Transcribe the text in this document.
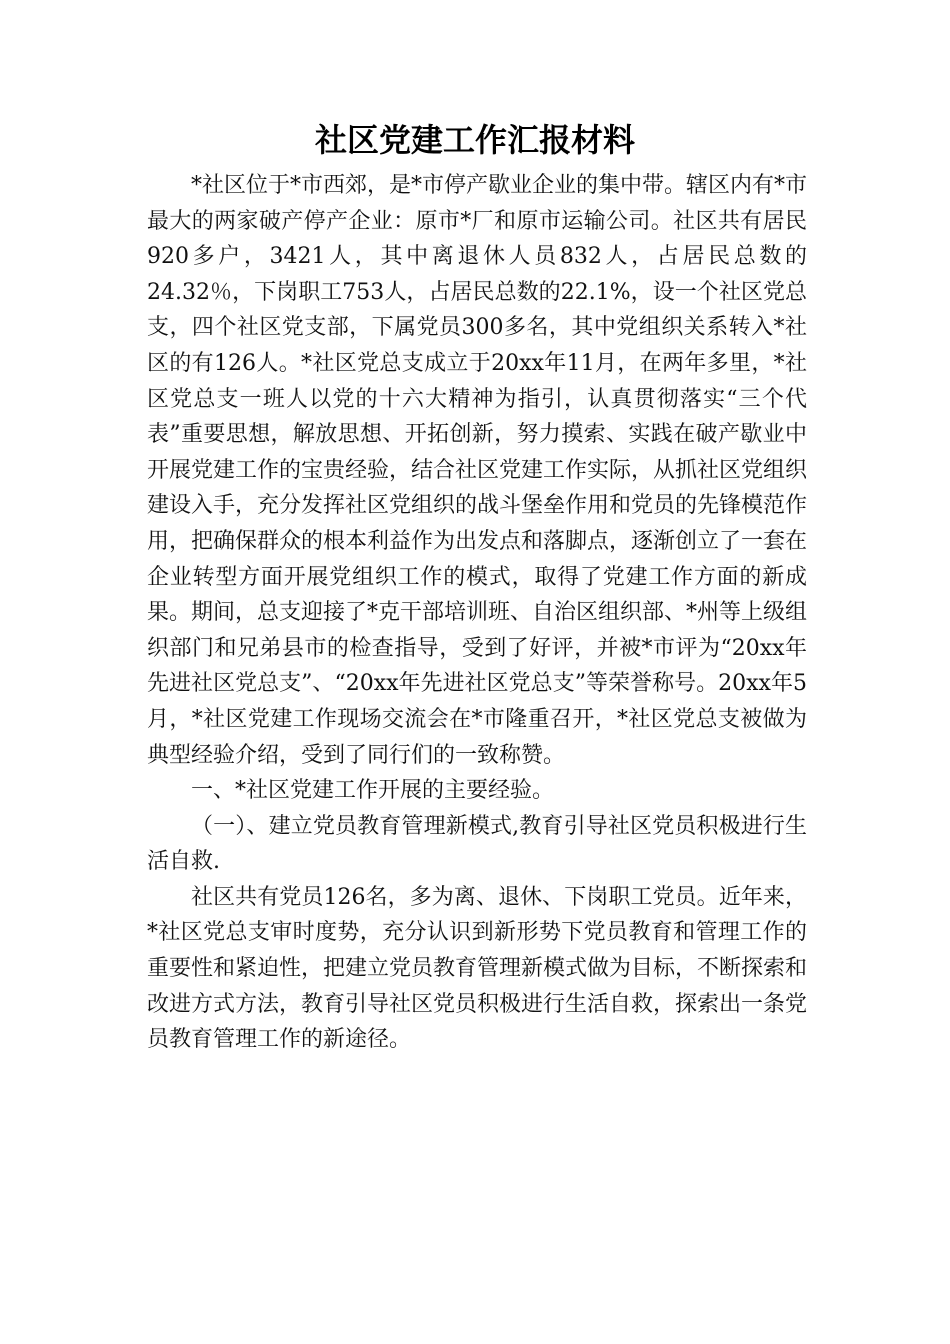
社区党建工作汇报材料

*社区位于*市西郊，是*市停产歇业企业的集中带。辖区内有*市最大的两家破产停产企业：原市*厂和原市运输公司。社区共有居民920多户，3421人，其中离退休人员832人，占居民总数的24.32％，下岗职工753人，占居民总数的22.1%，设一个社区党总支，四个社区党支部，下属党员300多名，其中党组织关系转入*社区的有126人。*社区党总支成立于20xx年11月，在两年多里，*社区党总支一班人以党的十六大精神为指引，认真贯彻落实“三个代表”重要思想，解放思想、开拓创新，努力摸索、实践在破产歇业中开展党建工作的宝贵经验，结合社区党建工作实际，从抓社区党组织建设入手，充分发挥社区党组织的战斗堡垒作用和党员的先锋模范作用，把确保群众的根本利益作为出发点和落脚点，逐渐创立了一套在企业转型方面开展党组织工作的模式，取得了党建工作方面的新成果。期间，总支迎接了*克干部培训班、自治区组织部、*州等上级组织部门和兄弟县市的检查指导，受到了好评，并被*市评为“20xx年先进社区党总支”、“20xx年先进社区党总支”等荣誉称号。20xx年5月，*社区党建工作现场交流会在*市隆重召开，*社区党总支被做为典型经验介绍，受到了同行们的一致称赞。

一、*社区党建工作开展的主要经验。

（一）、建立党员教育管理新模式,教育引导社区党员积极进行生活自救.

社区共有党员126名，多为离、退休、下岗职工党员。近年来，*社区党总支审时度势，充分认识到新形势下党员教育和管理工作的重要性和紧迫性，把建立党员教育管理新模式做为目标，不断探索和改进方式方法，教育引导社区党员积极进行生活自救，探索出一条党员教育管理工作的新途径。
